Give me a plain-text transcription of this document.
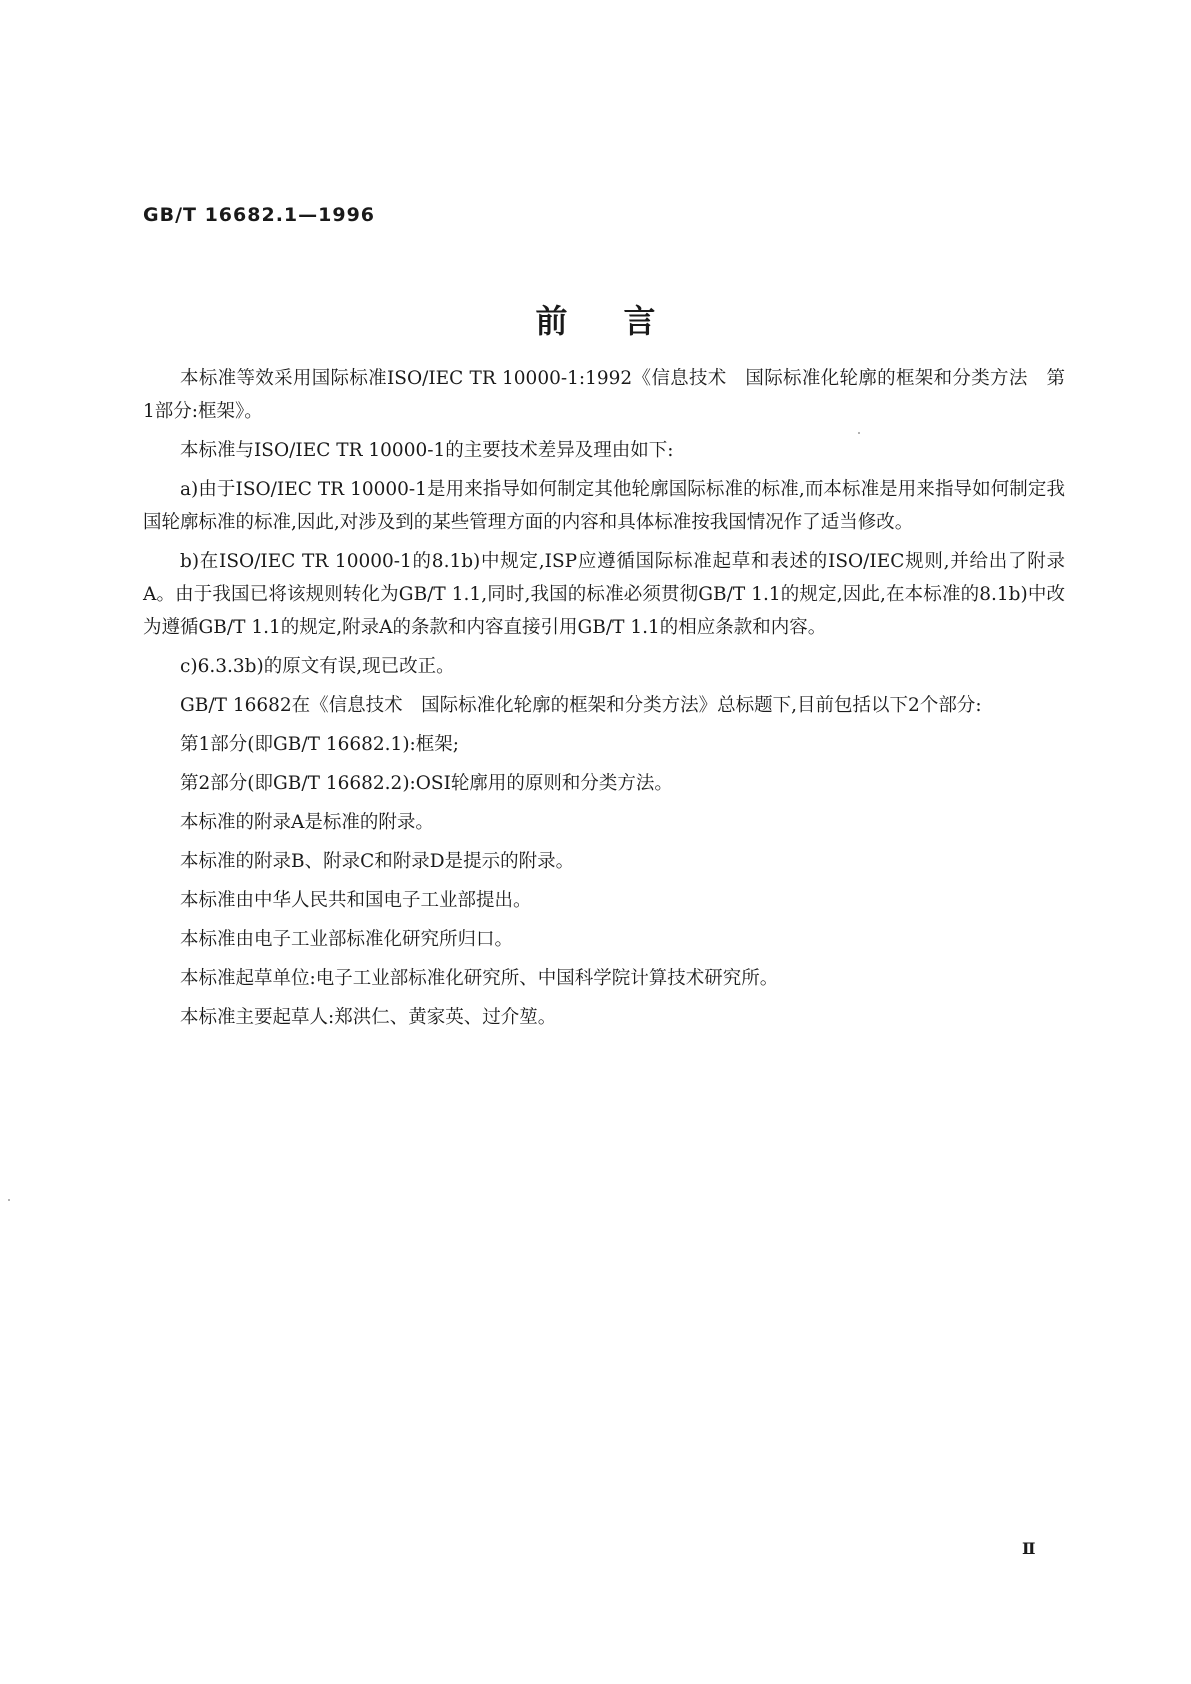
GB/T 16682.1—1996
前言

本标准等效采用国际标准ISO/IEC TR 10000-1:1992《信息技术　国际标准化轮廓的框架和分类方法　第1部分:框架》。

本标准与ISO/IEC TR 10000-1的主要技术差异及理由如下:

a)由于ISO/IEC TR 10000-1是用来指导如何制定其他轮廓国际标准的标准,而本标准是用来指导如何制定我国轮廓标准的标准,因此,对涉及到的某些管理方面的内容和具体标准按我国情况作了适当修改。

b)在ISO/IEC TR 10000-1的8.1b)中规定,ISP应遵循国际标准起草和表述的ISO/IEC规则,并给出了附录A。由于我国已将该规则转化为GB/T 1.1,同时,我国的标准必须贯彻GB/T 1.1的规定,因此,在本标准的8.1b)中改为遵循GB/T 1.1的规定,附录A的条款和内容直接引用GB/T 1.1的相应条款和内容。

c)6.3.3b)的原文有误,现已改正。

GB/T 16682在《信息技术　国际标准化轮廓的框架和分类方法》总标题下,目前包括以下2个部分:

第1部分(即GB/T 16682.1):框架;

第2部分(即GB/T 16682.2):OSI轮廓用的原则和分类方法。

本标准的附录A是标准的附录。

本标准的附录B、附录C和附录D是提示的附录。

本标准由中华人民共和国电子工业部提出。

本标准由电子工业部标准化研究所归口。

本标准起草单位:电子工业部标准化研究所、中国科学院计算技术研究所。

本标准主要起草人:郑洪仁、黄家英、过介堃。

Ⅱ
